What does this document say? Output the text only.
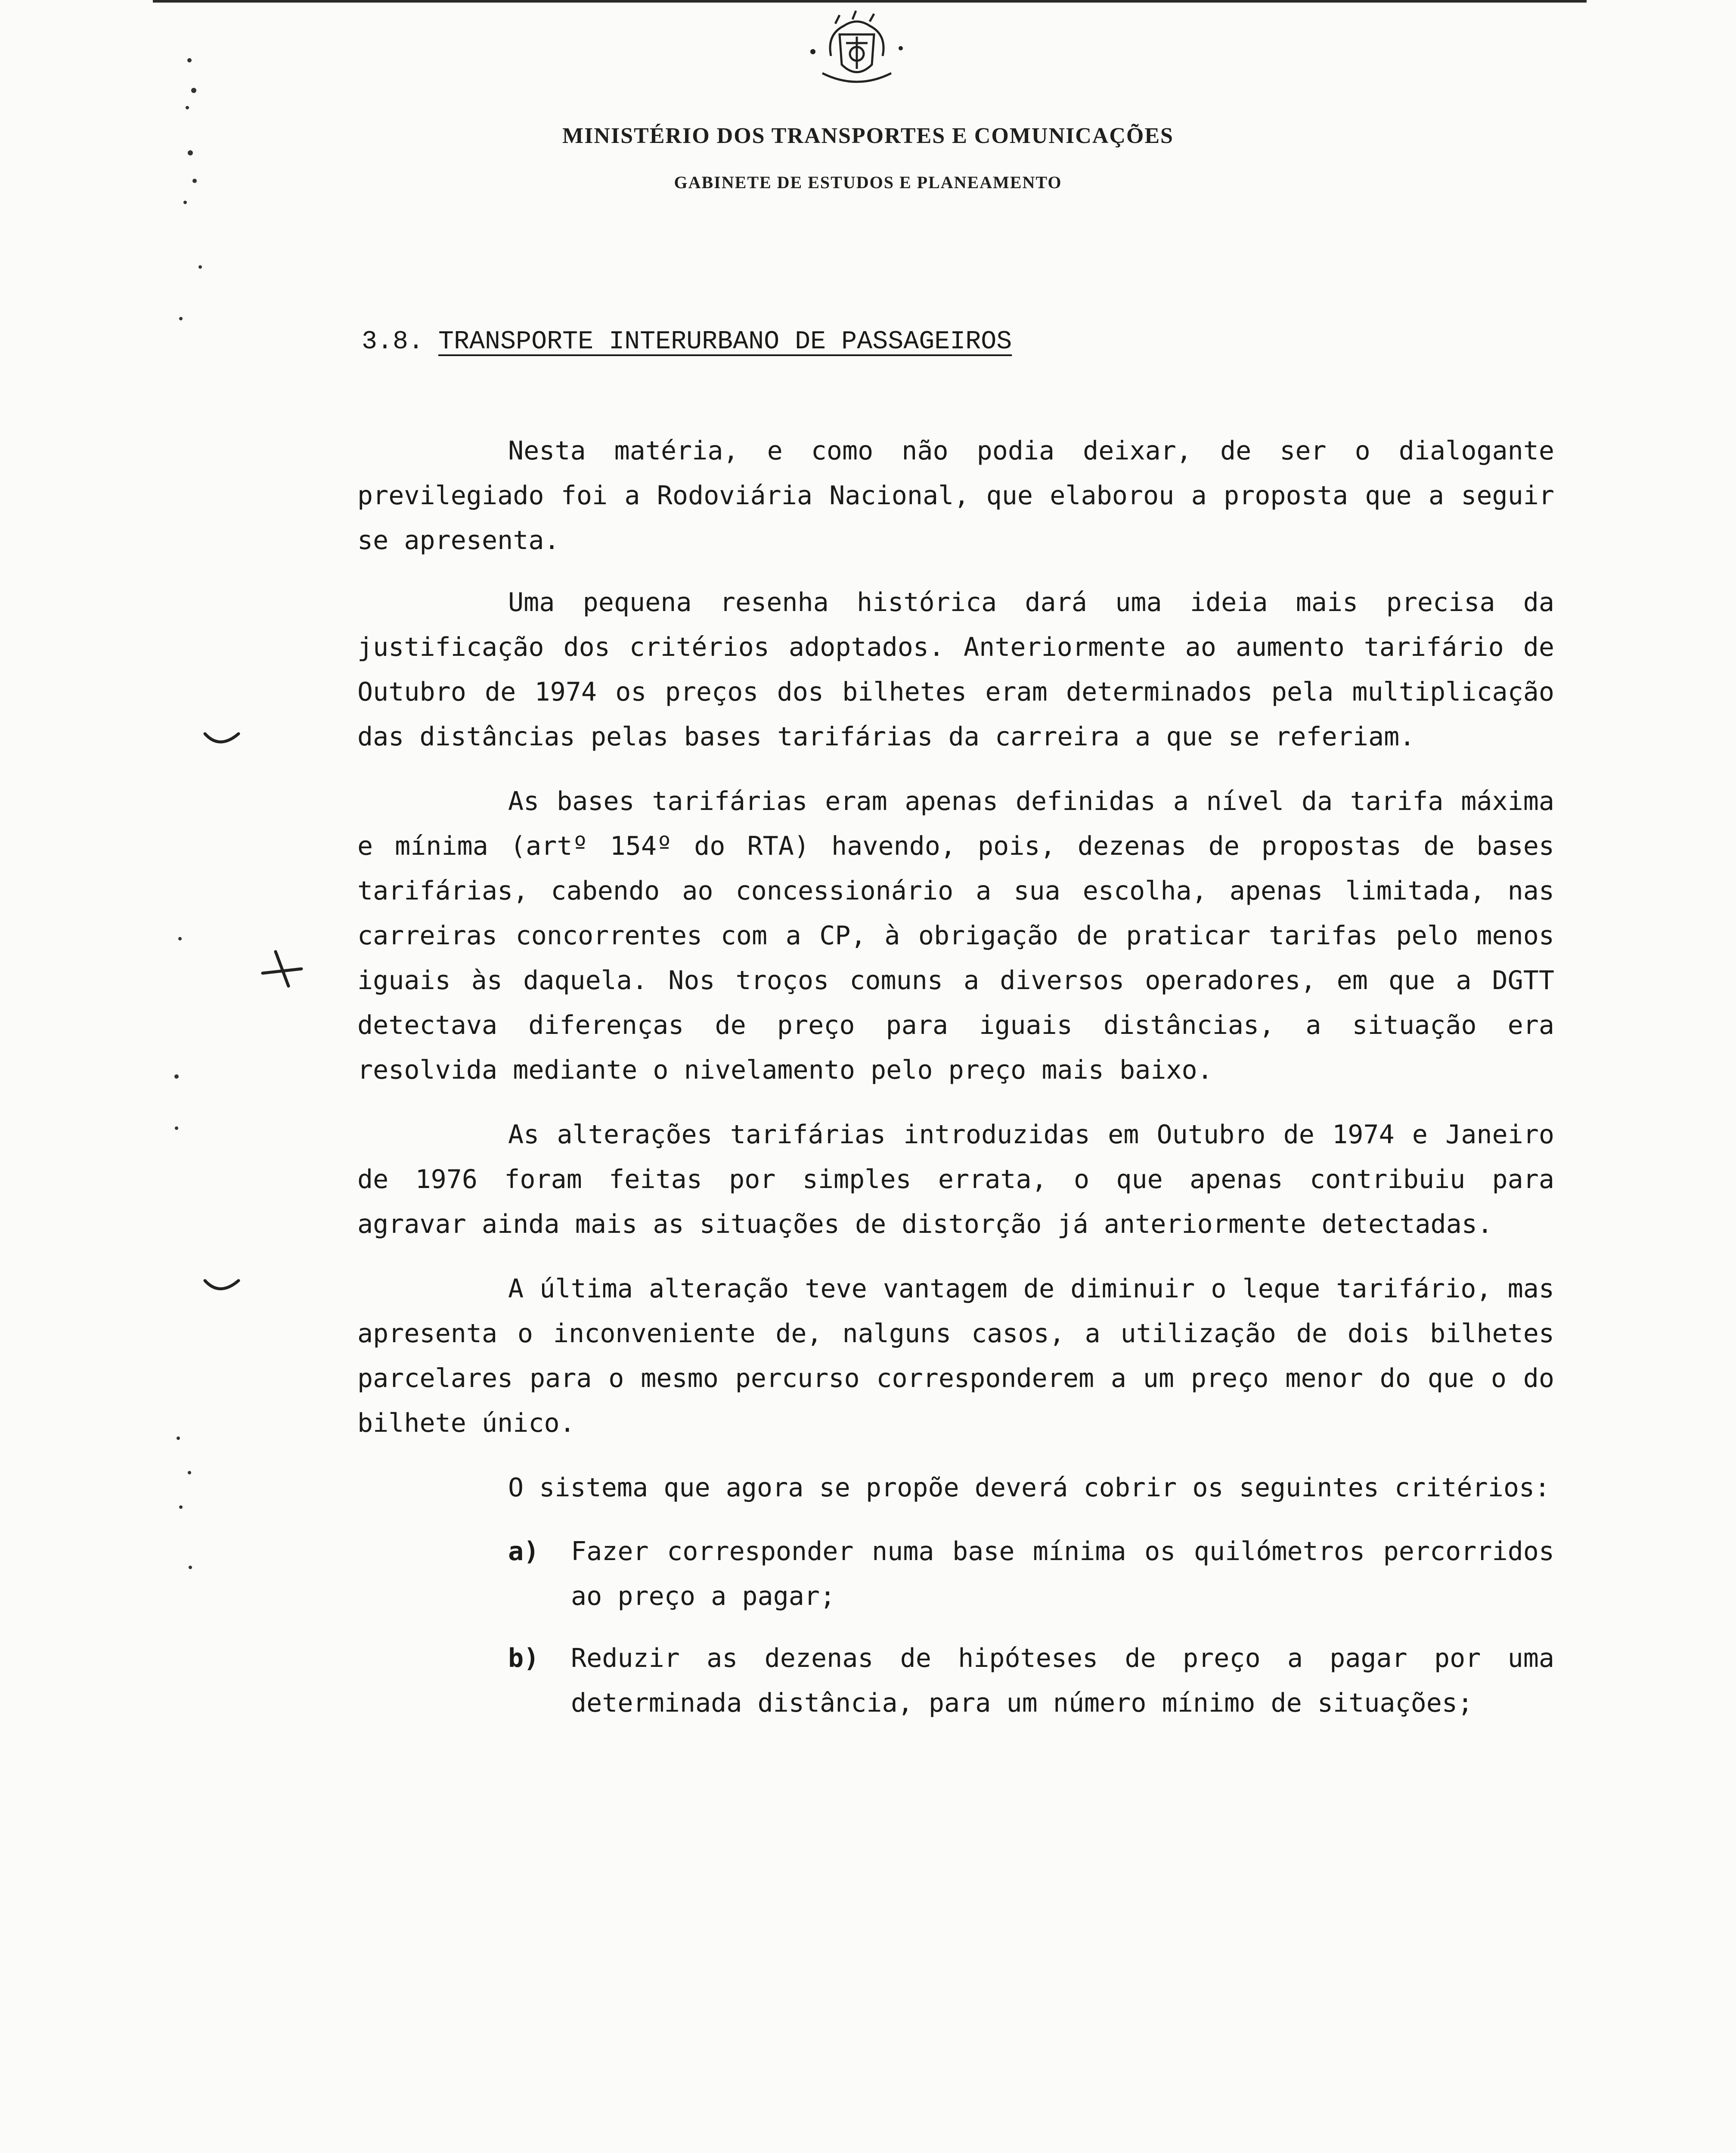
MINISTÉRIO DOS TRANSPORTES E COMUNICAÇÕES
GABINETE DE ESTUDOS E PLANEAMENTO
3.8. TRANSPORTE INTERURBANO DE PASSAGEIROS

Nesta matéria, e como não podia deixar, de ser o dialogante previlegiado foi a Rodoviária Nacional, que elaborou a proposta que a seguir se apresenta.

Uma pequena resenha histórica dará uma ideia mais precisa da justificação dos critérios adoptados. Anteriormente ao aumento tarifário de Outubro de 1974 os preços dos bilhetes eram determinados pela multiplicação das distâncias pelas bases tarifárias da carreira a que se referiam.

As bases tarifárias eram apenas definidas a nível da tarifa máxima e mínima (artº 154º do RTA) havendo, pois, dezenas de propostas de bases tarifárias, cabendo ao concessionário a sua escolha, apenas limitada, nas carreiras concorrentes com a CP, à obrigação de praticar tarifas pelo menos iguais às daquela. Nos troços comuns a diversos operadores, em que a DGTT detectava diferenças de preço para iguais distâncias, a situação era resolvida mediante o nivelamento pelo preço mais baixo.

As alterações tarifárias introduzidas em Outubro de 1974 e Janeiro de 1976 foram feitas por simples errata, o que apenas contribuiu para agravar ainda mais as situações de distorção já anteriormente detectadas.

A última alteração teve vantagem de diminuir o leque tarifário, mas apresenta o inconveniente de, nalguns casos, a utilização de dois bilhetes parcelares para o mesmo percurso corresponderem a um preço menor do que o do bilhete único.

O sistema que agora se propõe deverá cobrir os seguintes critérios:

a)	Fazer corresponder numa base mínima os quilómetros percorridos ao preço a pagar;
b)	Reduzir as dezenas de hipóteses de preço a pagar por uma determinada distância, para um número mínimo de situações;
